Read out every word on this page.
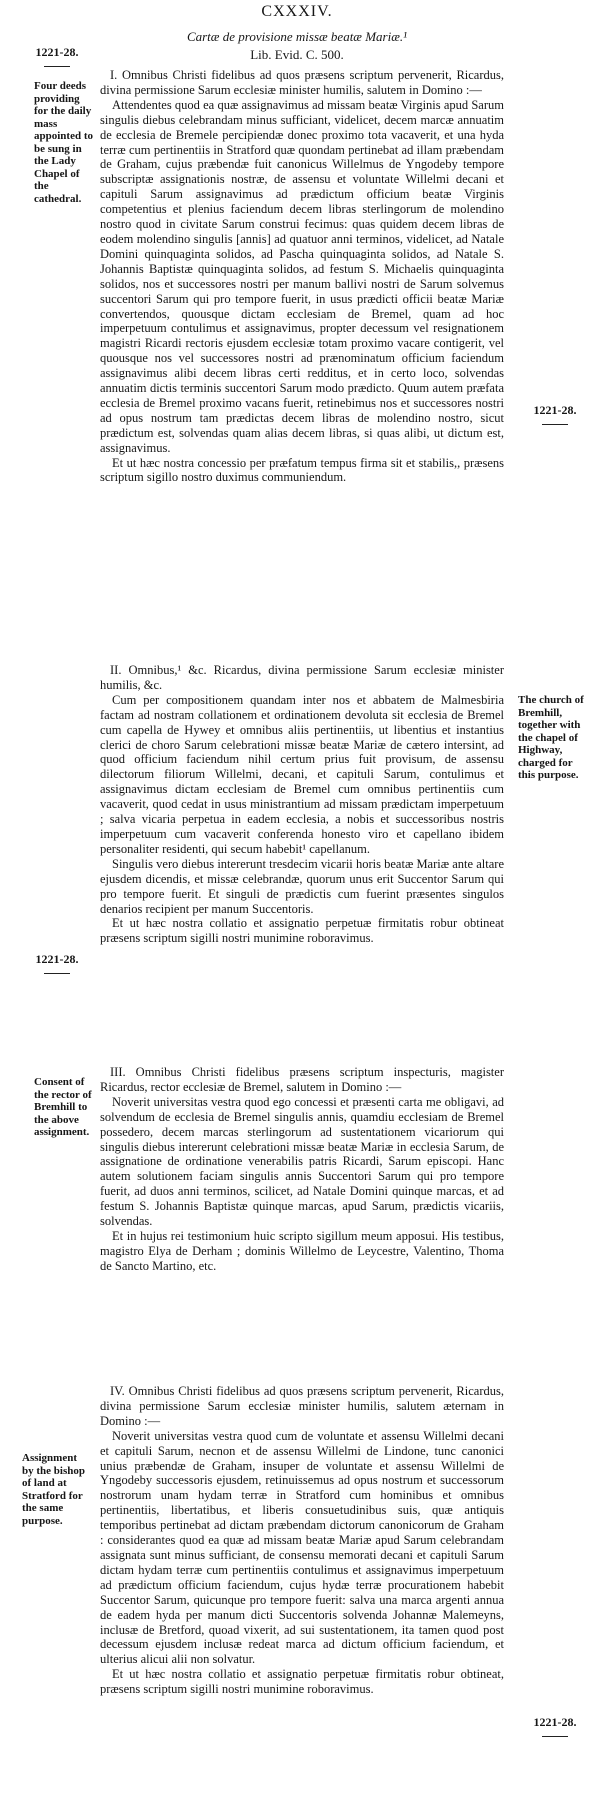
CXXXIV.
Cartæ de provisione missæ beatæ Mariæ.¹
Lib. Evid. C. 500.
1221-28.
1221-28.
1221-28.
1221-28.
Four deeds providing for the daily mass appointed to be sung in the Lady Chapel of the cathedral.
The church of Bremhill, together with the chapel of Highway, charged for this purpose.
Consent of the rector of Bremhill to the above assignment.
Assignment by the bishop of land at Stratford for the same purpose.

I. Omnibus Christi fidelibus ad quos præsens scriptum pervenerit, Ricardus, divina permissione Sarum ecclesiæ minister humilis, salutem in Domino :—

Attendentes quod ea quæ assignavimus ad missam beatæ Virginis apud Sarum singulis diebus celebrandam minus sufficiant, videlicet, decem marcæ annuatim de ecclesia de Bremele percipiendæ donec proximo tota vacaverit, et una hyda terræ cum pertinentiis in Stratford quæ quondam pertinebat ad illam præbendam de Graham, cujus præbendæ fuit canonicus Willelmus de Yngodeby tempore subscriptæ assignationis nostræ, de assensu et voluntate Willelmi decani et capituli Sarum assignavimus ad prædictum officium beatæ Virginis competentius et plenius faciendum decem libras sterlingorum de molendino nostro quod in civitate Sarum construi fecimus: quas quidem decem libras de eodem molendino singulis [annis] ad quatuor anni terminos, videlicet, ad Natale Domini quinquaginta solidos, ad Pascha quinquaginta solidos, ad Natale S. Johannis Baptistæ quinquaginta solidos, ad festum S. Michaelis quinquaginta solidos, nos et successores nostri per manum ballivi nostri de Sarum solvemus succentori Sarum qui pro tempore fuerit, in usus prædicti officii beatæ Mariæ convertendos, quousque dictam ecclesiam de Bremel, quam ad hoc imperpetuum contulimus et assignavimus, propter decessum vel resignationem magistri Ricardi rectoris ejusdem ecclesiæ totam proximo vacare contigerit, vel quousque nos vel successores nostri ad prænominatum officium faciendum assignavimus alibi decem libras certi redditus, et in certo loco, solvendas annuatim dictis terminis succentori Sarum modo prædicto. Quum autem præfata ecclesia de Bremel proximo vacans fuerit, retinebimus nos et successores nostri ad opus nostrum tam prædictas decem libras de molendino nostro, sicut prædictum est, solvendas quam alias decem libras, si quas alibi, ut dictum est, assignavimus.

Et ut hæc nostra concessio per præfatum tempus firma sit et stabilis,, præsens scriptum sigillo nostro duximus communiendum.

II. Omnibus,¹ &c. Ricardus, divina permissione Sarum ecclesiæ minister humilis, &c.

Cum per compositionem quandam inter nos et abbatem de Malmesbiria factam ad nostram collationem et ordinationem devoluta sit ecclesia de Bremel cum capella de Hywey et omnibus aliis pertinentiis, ut libentius et instantius clerici de choro Sarum celebrationi missæ beatæ Mariæ de cætero intersint, ad quod officium faciendum nihil certum prius fuit provisum, de assensu dilectorum filiorum Willelmi, decani, et capituli Sarum, contulimus et assignavimus dictam ecclesiam de Bremel cum omnibus pertinentiis cum vacaverit, quod cedat in usus ministrantium ad missam prædictam imperpetuum ; salva vicaria perpetua in eadem ecclesia, a nobis et successoribus nostris imperpetuum cum vacaverit conferenda honesto viro et capellano ibidem personaliter residenti, qui secum habebit¹ capellanum.

Singulis vero diebus intererunt tresdecim vicarii horis beatæ Mariæ ante altare ejusdem dicendis, et missæ celebrandæ, quorum unus erit Succentor Sarum qui pro tempore fuerit. Et singuli de prædictis cum fuerint præsentes singulos denarios recipient per manum Succentoris.

Et ut hæc nostra collatio et assignatio perpetuæ firmitatis robur obtineat præsens scriptum sigilli nostri munimine roboravimus.

III. Omnibus Christi fidelibus præsens scriptum inspecturis, magister Ricardus, rector ecclesiæ de Bremel, salutem in Domino :—

Noverit universitas vestra quod ego concessi et præsenti carta me obligavi, ad solvendum de ecclesia de Bremel singulis annis, quamdiu ecclesiam de Bremel possedero, decem marcas sterlingorum ad sustentationem vicariorum qui singulis diebus intererunt celebrationi missæ beatæ Mariæ in ecclesia Sarum, de assignatione de ordinatione venerabilis patris Ricardi, Sarum episcopi. Hanc autem solutionem faciam singulis annis Succentori Sarum qui pro tempore fuerit, ad duos anni terminos, scilicet, ad Natale Domini quinque marcas, et ad festum S. Johannis Baptistæ quinque marcas, apud Sarum, prædictis vicariis, solvendas.

Et in hujus rei testimonium huic scripto sigillum meum apposui. His testibus, magistro Elya de Derham ; dominis Willelmo de Leycestre, Valentino, Thoma de Sancto Martino, etc.

IV. Omnibus Christi fidelibus ad quos præsens scriptum pervenerit, Ricardus, divina permissione Sarum ecclesiæ minister humilis, salutem æternam in Domino :—

Noverit universitas vestra quod cum de voluntate et assensu Willelmi decani et capituli Sarum, necnon et de assensu Willelmi de Lindone, tunc canonici unius præbendæ de Graham, insuper de voluntate et assensu Willelmi de Yngodeby successoris ejusdem, retinuissemus ad opus nostrum et successorum nostrorum unam hydam terræ in Stratford cum hominibus et omnibus pertinentiis, libertatibus, et liberis consuetudinibus suis, quæ antiquis temporibus pertinebat ad dictam præbendam dictorum canonicorum de Graham : considerantes quod ea quæ ad missam beatæ Mariæ apud Sarum celebrandam assignata sunt minus sufficiant, de consensu memorati decani et capituli Sarum dictam hydam terræ cum pertinentiis contulimus et assignavimus imperpetuum ad prædictum officium faciendum, cujus hydæ terræ procurationem habebit Succentor Sarum, quicunque pro tempore fuerit: salva una marca argenti annua de eadem hyda per manum dicti Succentoris solvenda Johannæ Malemeyns, inclusæ de Bretford, quoad vixerit, ad sui sustentationem, ita tamen quod post decessum ejusdem inclusæ redeat marca ad dictum officium faciendum, et ulterius alicui alii non solvatur.

Et ut hæc nostra collatio et assignatio perpetuæ firmitatis robur obtineat, præsens scriptum sigilli nostri munimine roboravimus.
